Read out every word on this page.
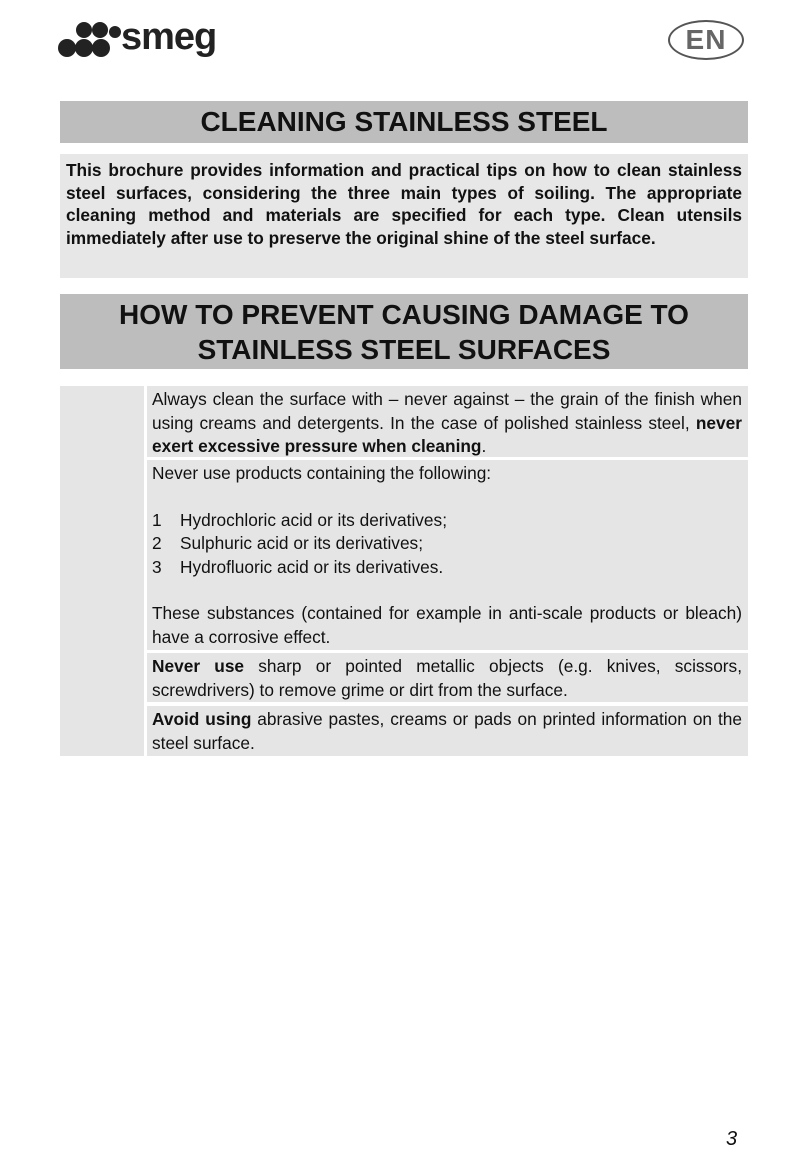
smeg	EN
CLEANING STAINLESS STEEL
This brochure provides information and practical tips on how to clean stainless steel surfaces, considering the three main types of soiling. The appropriate cleaning method and materials are specified for each type. Clean utensils immediately after use to preserve the original shine of the steel surface.
HOW TO PREVENT CAUSING DAMAGE TO
STAINLESS STEEL SURFACES
Always clean the surface with – never against – the grain of the finish when using creams and detergents. In the case of polished stainless steel, never exert excessive pressure when cleaning.

Never use products containing the following:

1	Hydrochloric acid or its derivatives;
2	Sulphuric acid or its derivatives;
3	Hydrofluoric acid or its derivatives.

These substances (contained for example in anti-scale products or bleach) have a corrosive effect.

Never use sharp or pointed metallic objects (e.g. knives, scissors, screwdrivers) to remove grime or dirt from the surface.
Avoid using abrasive pastes, creams or pads on printed information on the steel surface.
3
